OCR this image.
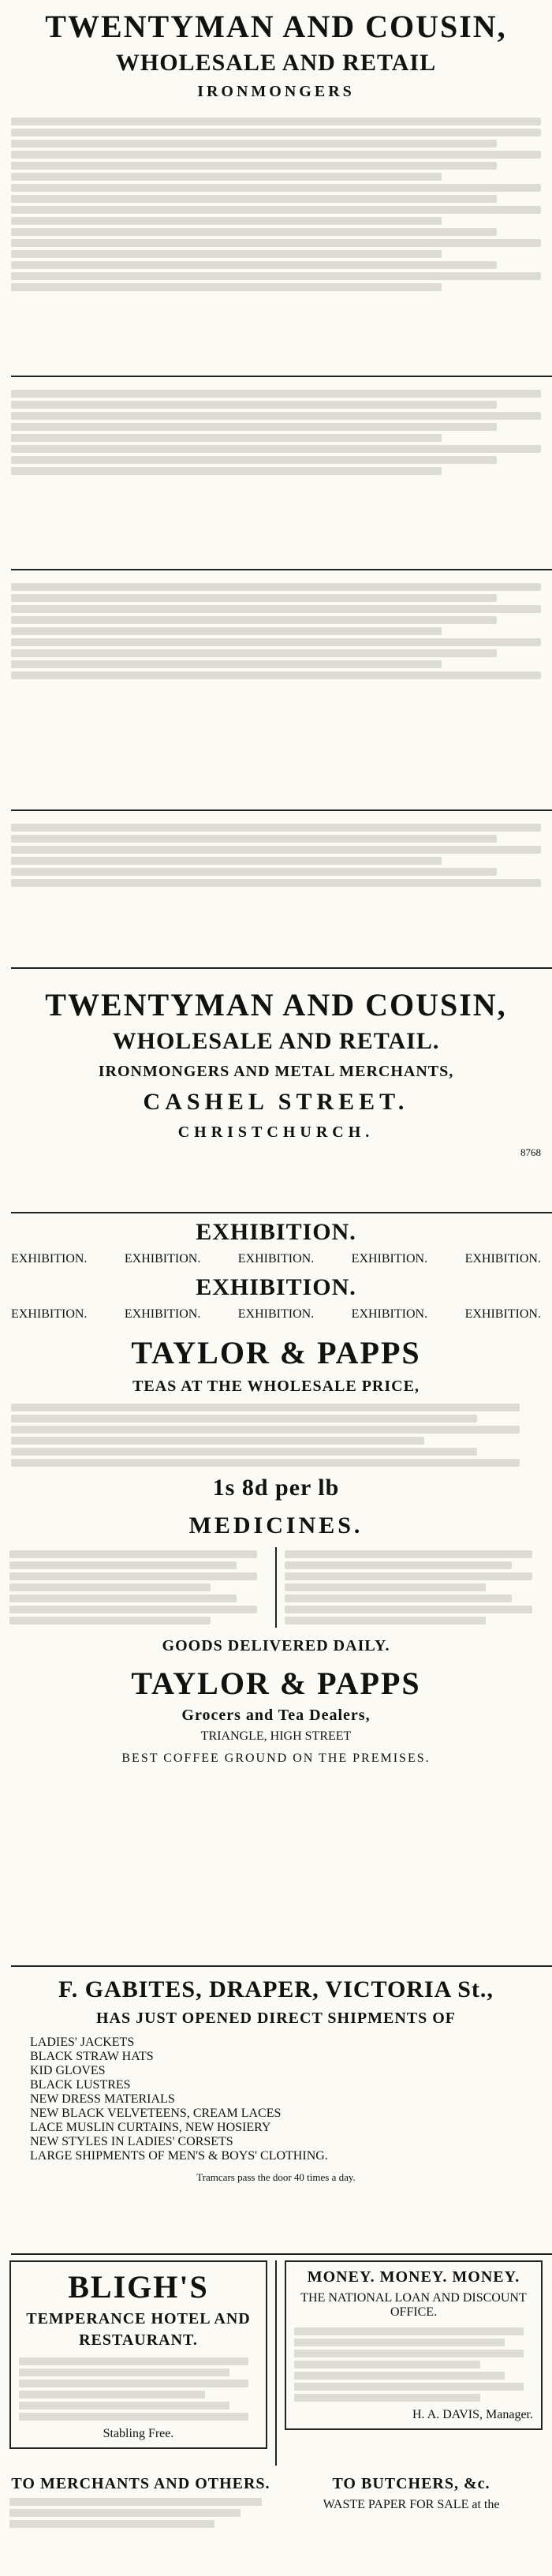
TWENTYMAN AND COUSIN,
WHOLESALE AND RETAIL
IRONMONGERS
TWENTYMAN AND COUSIN,
WHOLESALE AND RETAIL.
IRONMONGERS AND METAL MERCHANTS,
CASHEL STREET.
CHRISTCHURCH.
8768
EXHIBITION.
EXHIBITION.	EXHIBITION.	EXHIBITION.	EXHIBITION.	EXHIBITION.
EXHIBITION.
EXHIBITION.	EXHIBITION.	EXHIBITION.	EXHIBITION.	EXHIBITION.
TAYLOR & PAPPS
TEAS AT THE WHOLESALE PRICE,
1s 8d per lb
MEDICINES.
GOODS DELIVERED DAILY.
TAYLOR & PAPPS
Grocers and Tea Dealers,
TRIANGLE, HIGH STREET
BEST COFFEE GROUND ON THE PREMISES.
F. GABITES, DRAPER, VICTORIA St.,
HAS JUST OPENED DIRECT SHIPMENTS OF
LADIES' JACKETS
BLACK STRAW HATS
KID GLOVES
BLACK LUSTRES
NEW DRESS MATERIALS
NEW BLACK VELVETEENS, CREAM LACES
LACE MUSLIN CURTAINS, NEW HOSIERY
NEW STYLES IN LADIES' CORSETS
LARGE SHIPMENTS OF MEN'S & BOYS' CLOTHING.
Tramcars pass the door 40 times a day.
BLIGH'S
TEMPERANCE HOTEL AND
RESTAURANT.
Stabling Free.
MONEY. MONEY. MONEY.
THE NATIONAL LOAN AND DISCOUNT OFFICE.
H. A. DAVIS, Manager.
TO MERCHANTS AND OTHERS.	TO BUTCHERS, &c.
WASTE PAPER FOR SALE at the
